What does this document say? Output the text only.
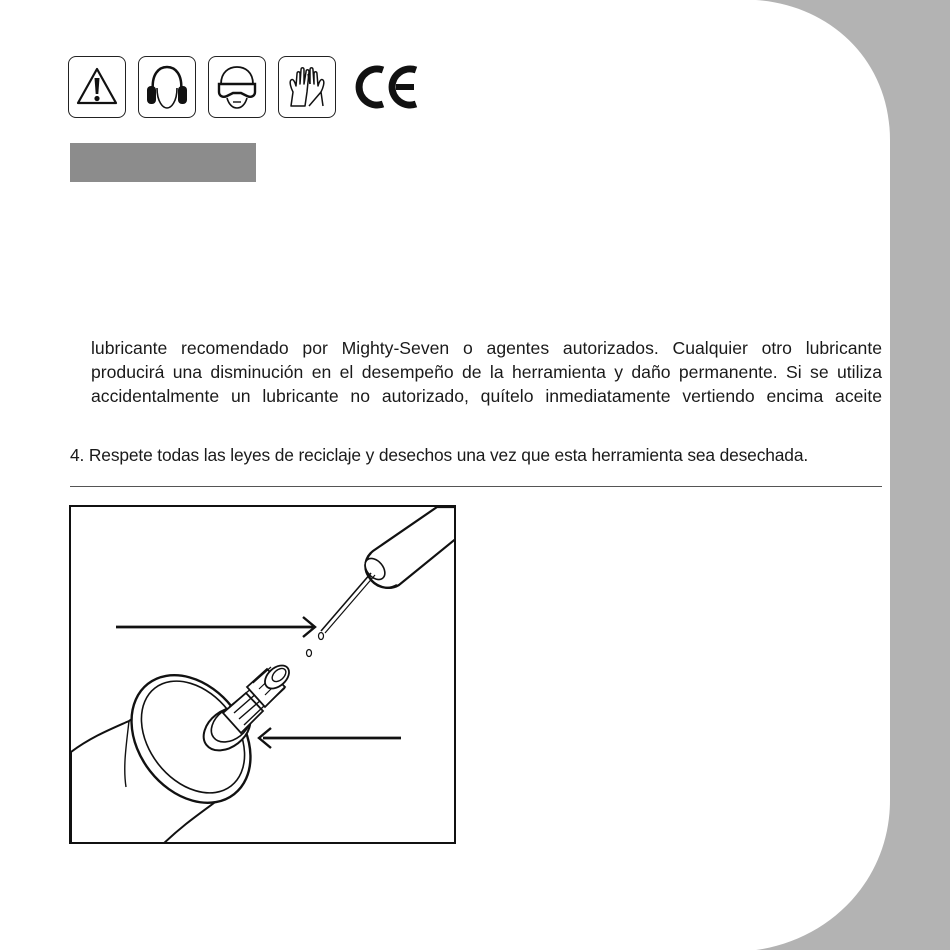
lubricante recomendado por Mighty-Seven o agentes autorizados. Cualquier otro lubricante
producirá una disminución en el desempeño de la herramienta y daño permanente. Si se utiliza
accidentalmente un lubricante no autorizado, quítelo inmediatamente vertiendo encima aceite
4. Respete todas las leyes de reciclaje y desechos una vez que esta herramienta sea desechada.
